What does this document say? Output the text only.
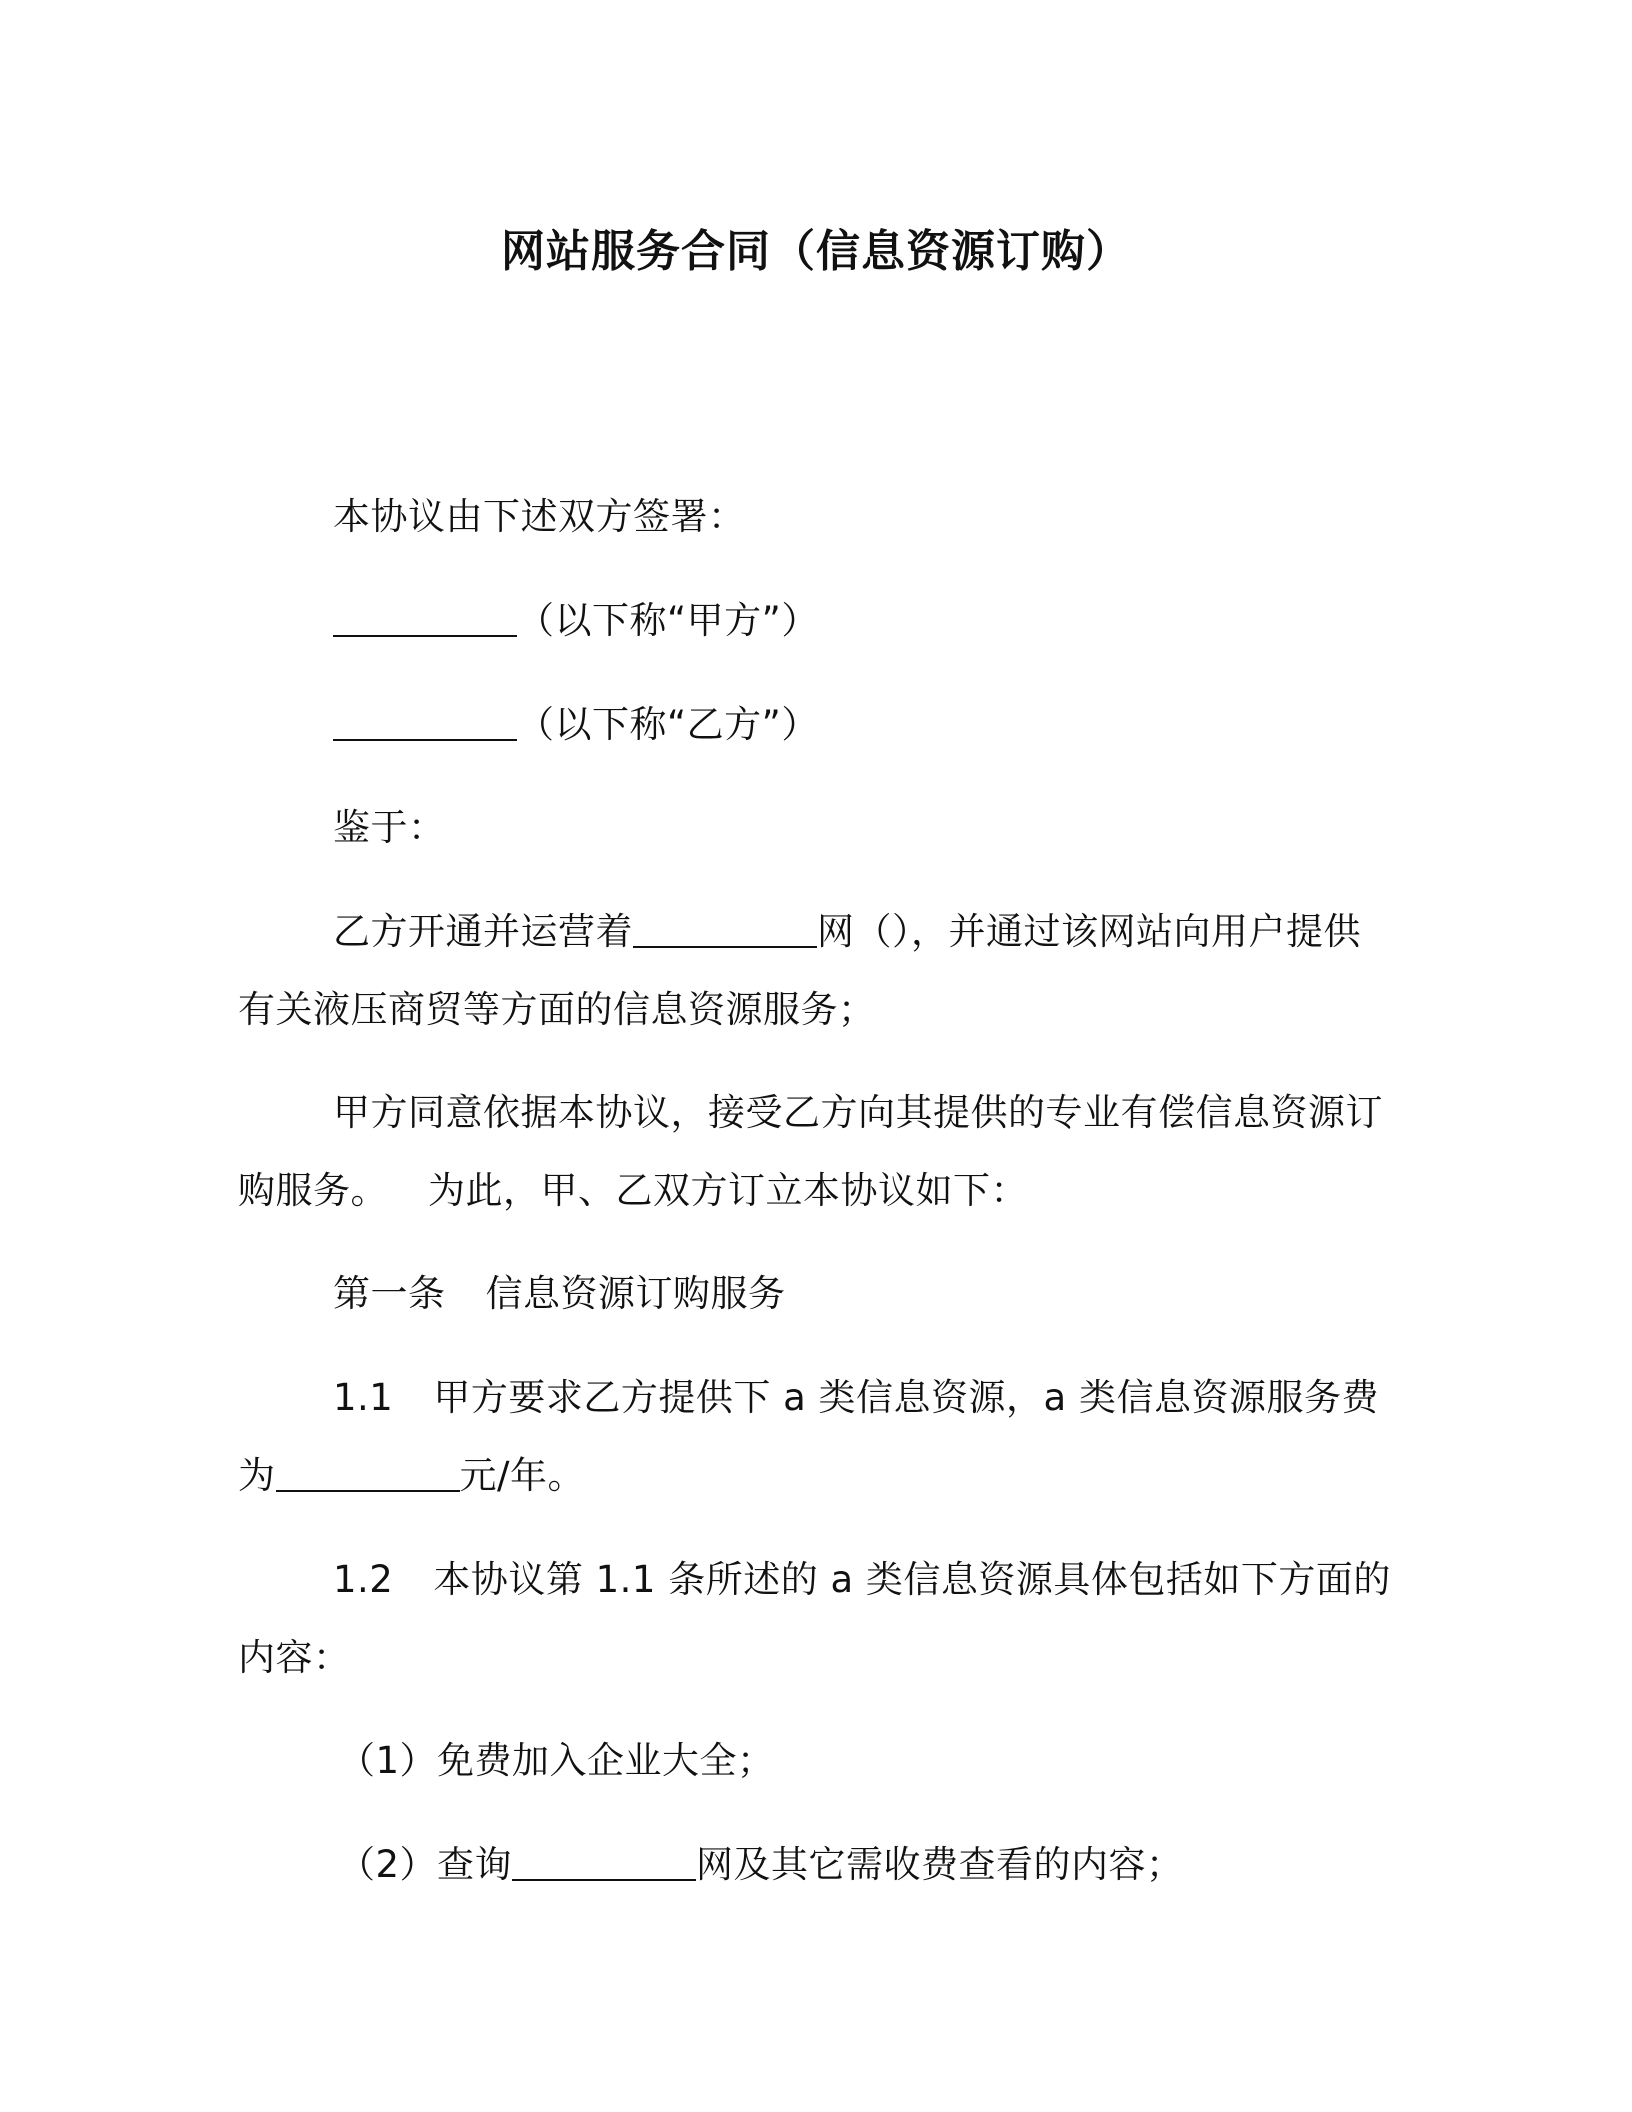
网站服务合同（信息资源订购）
本协议由下述双方签署：
（以下称“甲方”）
（以下称“乙方”）
鉴于：
乙方开通并运营着	网（），并通过该网站向用户提供
有关液压商贸等方面的信息资源服务；
甲方同意依据本协议，接受乙方向其提供的专业有偿信息资源订
购服务。 为此，甲、乙双方订立本协议如下：
第一条 信息资源订购服务
1.1 甲方要求乙方提供下 a 类信息资源，a 类信息资源服务费
为	元/年。
1.2 本协议第 1.1 条所述的 a 类信息资源具体包括如下方面的
内容：
（1）免费加入企业大全；
（2）查询	网及其它需收费查看的内容；
